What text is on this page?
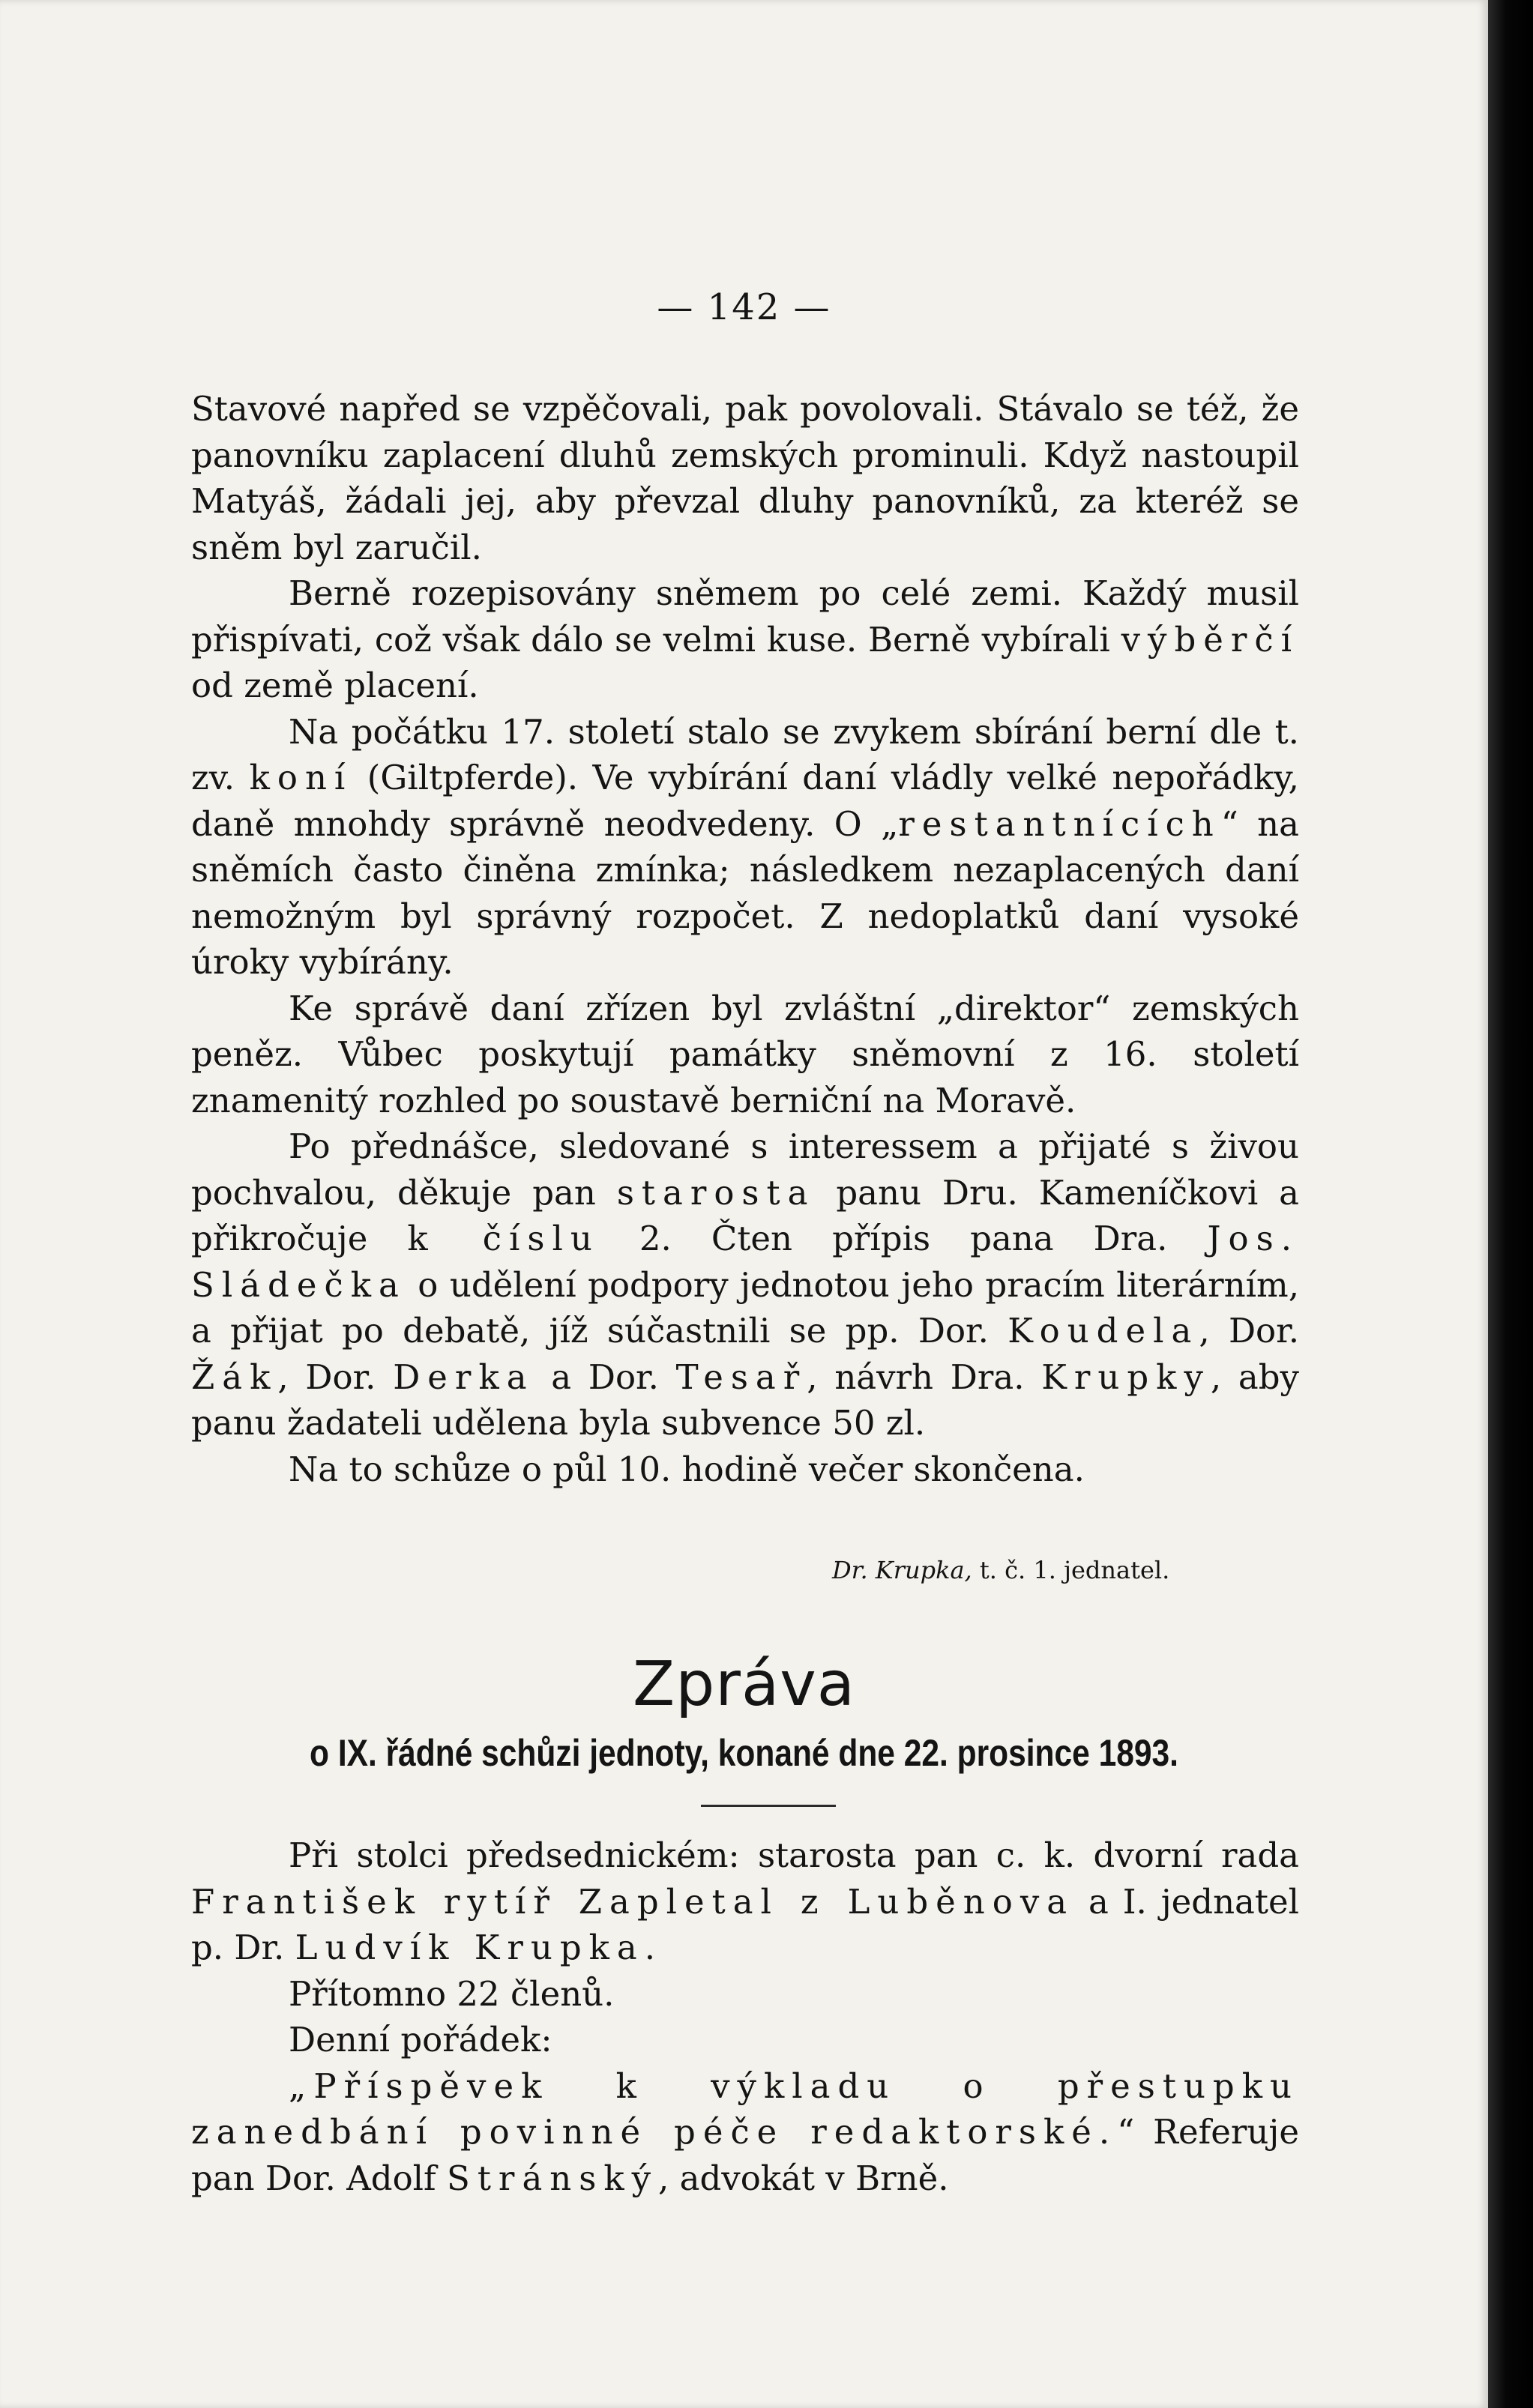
— 142 —

Stavové napřed se vzpěčovali, pak povolovali. Stávalo se též, že panovníku zaplacení dluhů zemských prominuli. Když nastoupil Matyáš, žádali jej, aby převzal dluhy panovníků, za kteréž se sněm byl zaručil.

Berně rozepisovány sněmem po celé zemi. Každý musil přispívati, což však dálo se velmi kuse. Berně vybírali výběrčí od země placení.

Na počátku 17. století stalo se zvykem sbírání berní dle t. zv. koní (Giltpferde). Ve vybírání daní vládly velké nepořádky, daně mnohdy správně neodvedeny. O „restantnících“ na sněmích často činěna zmínka; následkem nezaplacených daní nemožným byl správný rozpočet. Z nedoplatků daní vysoké úroky vybírány.

Ke správě daní zřízen byl zvláštní „direktor“ zemských peněz. Vůbec poskytují památky sněmovní z 16. století znamenitý rozhled po soustavě berniční na Moravě.

Po přednášce, sledované s interessem a přijaté s živou pochvalou, děkuje pan starosta panu Dru. Kameníčkovi a přikročuje k číslu 2. Čten přípis pana Dra. Jos. Sládečka o udělení podpory jednotou jeho pracím literárním, a přijat po debatě, jíž súčastnili se pp. Dor. Koudela, Dor. Žák, Dor. Derka a Dor. Tesař, návrh Dra. Krupky, aby panu žadateli udělena byla subvence 50 zl.

Na to schůze o půl 10. hodině večer skončena.

Dr. Krupka, t. č. 1. jednatel.
Zpráva
o IX. řádné schůzi jednoty, konané dne 22. prosince 1893.

Při stolci předsednickém: starosta pan c. k. dvorní rada František rytíř Zapletal z Luběnova a I. jednatel p. Dr. Ludvík Krupka.

Přítomno 22 členů.

Denní pořádek:

„Příspěvek k výkladu o přestupku zanedbání povinné péče redaktorské.“ Referuje pan Dor. Adolf Stránský, advokát v Brně.
